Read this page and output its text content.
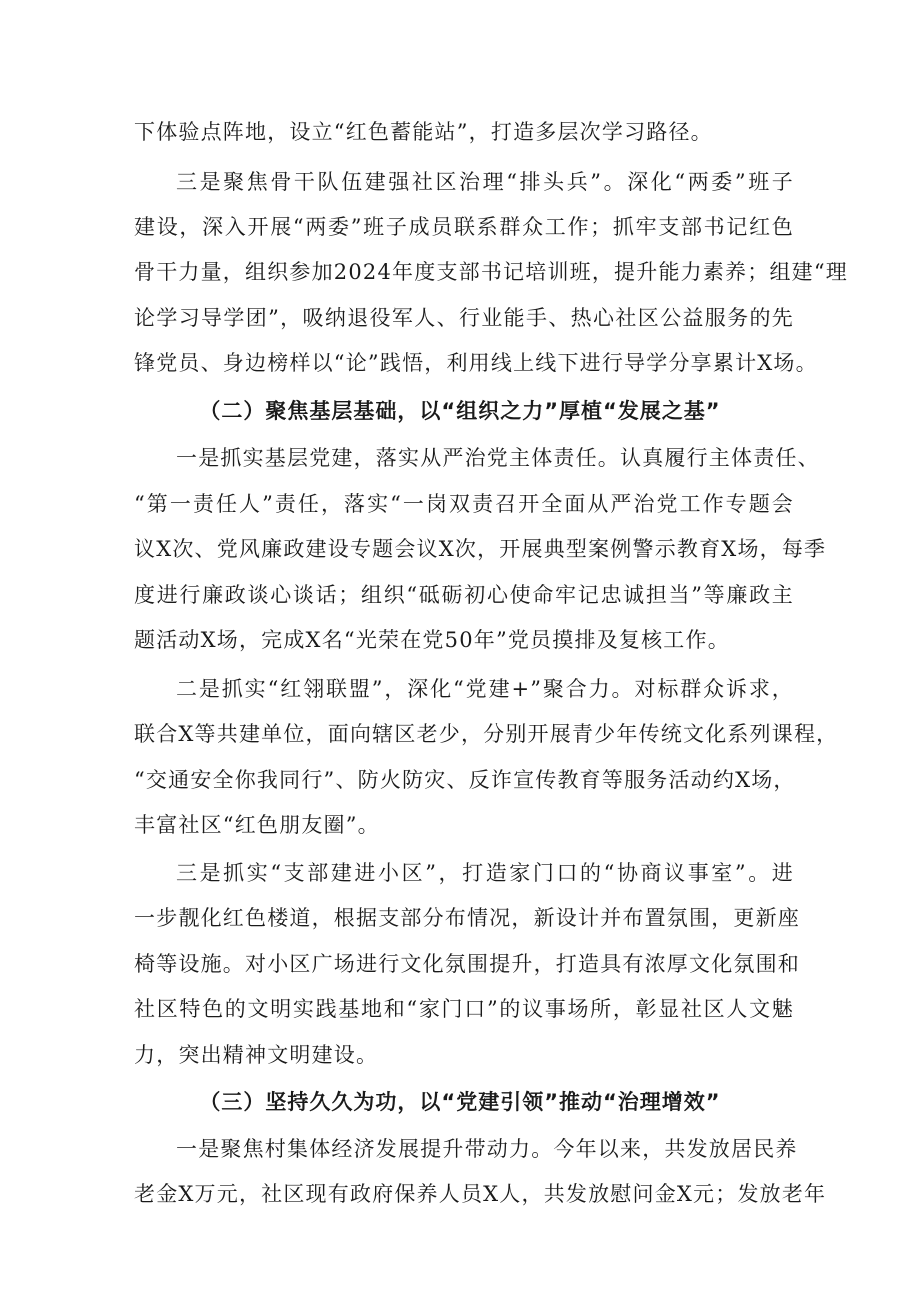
下体验点阵地，设立“红色蓄能站”，打造多层次学习路径。
三是聚焦骨干队伍建强社区治理“排头兵”。深化“两委”班子
建设，深入开展“两委”班子成员联系群众工作；抓牢支部书记红色
骨干力量，组织参加2024年度支部书记培训班，提升能力素养；组建“理
论学习导学团”，吸纳退役军人、行业能手、热心社区公益服务的先
锋党员、身边榜样以“论”践悟，利用线上线下进行导学分享累计X场。
（二）聚焦基层基础，以“组织之力”厚植“发展之基”
一是抓实基层党建，落实从严治党主体责任。认真履行主体责任、
“第一责任人”责任，落实“一岗双责召开全面从严治党工作专题会
议X次、党风廉政建设专题会议X次，开展典型案例警示教育X场，每季
度进行廉政谈心谈话；组织“砥砺初心使命牢记忠诚担当”等廉政主
题活动X场，完成X名“光荣在党50年”党员摸排及复核工作。
二是抓实“红翎联盟”，深化“党建+”聚合力。对标群众诉求，
联合X等共建单位，面向辖区老少，分别开展青少年传统文化系列课程，
“交通安全你我同行”、防火防灾、反诈宣传教育等服务活动约X场，
丰富社区“红色朋友圈”。
三是抓实“支部建进小区”，打造家门口的“协商议事室”。进
一步靓化红色楼道，根据支部分布情况，新设计并布置氛围，更新座
椅等设施。对小区广场进行文化氛围提升，打造具有浓厚文化氛围和
社区特色的文明实践基地和“家门口”的议事场所，彰显社区人文魅
力，突出精神文明建设。
（三）坚持久久为功，以“党建引领”推动“治理增效”
一是聚焦村集体经济发展提升带动力。今年以来，共发放居民养
老金X万元，社区现有政府保养人员X人，共发放慰问金X元；发放老年
